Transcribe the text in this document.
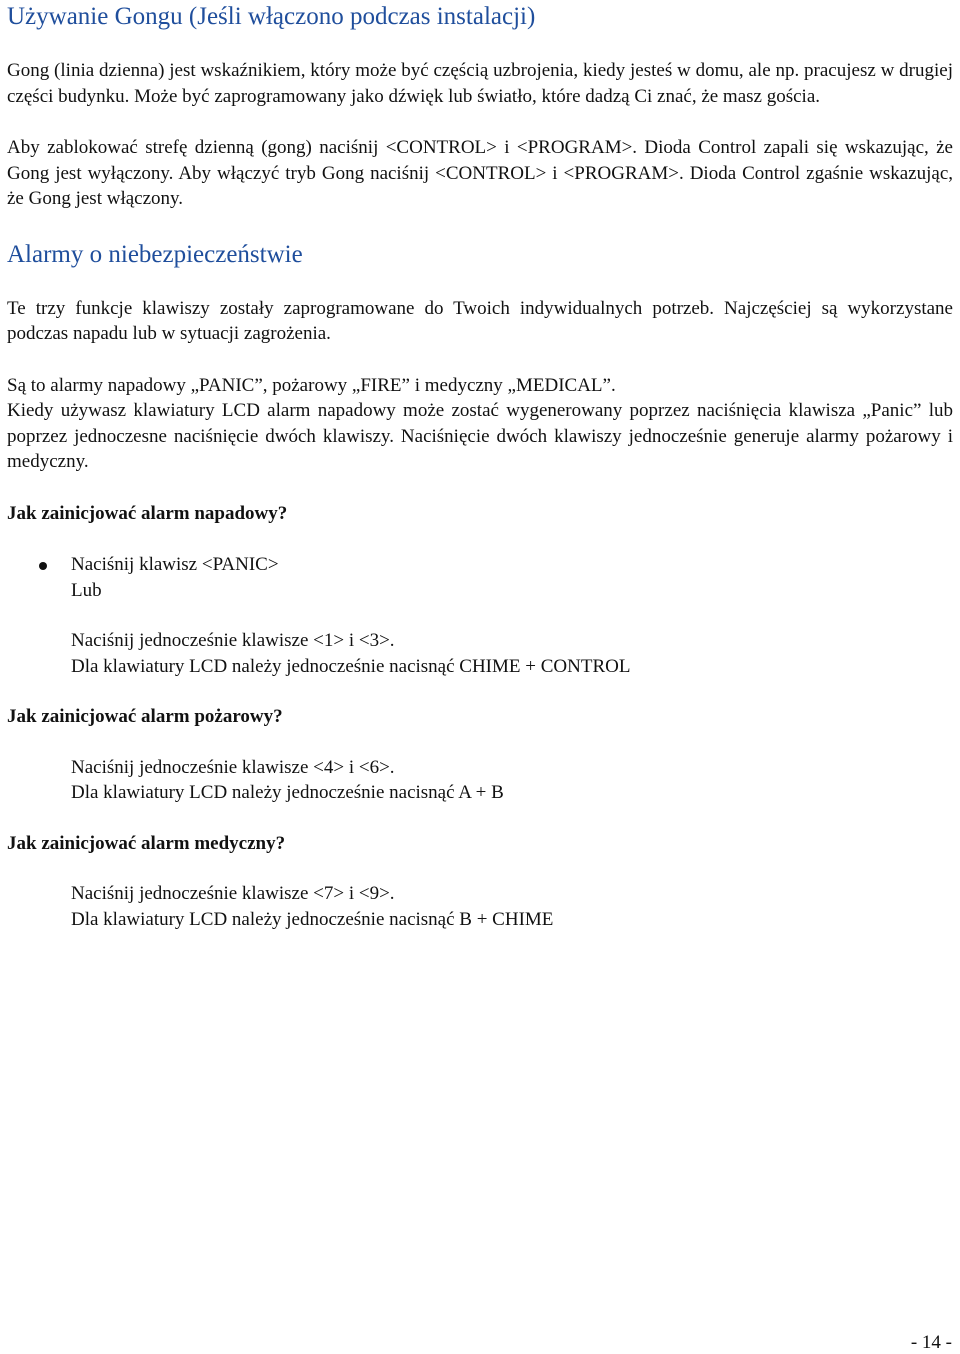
Używanie Gongu (Jeśli włączono podczas instalacji)

Gong (linia dzienna) jest wskaźnikiem, który może być częścią uzbrojenia, kiedy jesteś w domu, ale np. pracujesz w drugiej części budynku. Może być zaprogramowany jako dźwięk lub światło, które dadzą Ci znać, że masz gościa.

Aby zablokować strefę dzienną (gong) naciśnij <CONTROL> i <PROGRAM>. Dioda Control zapali się wskazując, że Gong jest wyłączony. Aby włączyć tryb Gong naciśnij <CONTROL> i <PROGRAM>. Dioda Control zgaśnie wskazując, że Gong jest włączony.

Alarmy o niebezpieczeństwie

Te trzy funkcje klawiszy zostały zaprogramowane do Twoich indywidualnych potrzeb. Najczęściej są wykorzystane podczas napadu lub w sytuacji zagrożenia.

Są to alarmy napadowy „PANIC”, pożarowy „FIRE” i medyczny „MEDICAL”.

Kiedy używasz klawiatury LCD alarm napadowy może zostać wygenerowany poprzez naciśnięcia klawisza „Panic” lub poprzez jednoczesne naciśnięcie dwóch klawiszy. Naciśnięcie dwóch klawiszy jednocześnie generuje alarmy pożarowy i medyczny.

Jak zainicjować alarm napadowy?

Naciśnij klawisz <PANIC>

Lub

Naciśnij jednocześnie klawisze <1> i <3>.

Dla klawiatury LCD należy jednocześnie nacisnąć CHIME + CONTROL

Jak zainicjować alarm pożarowy?

Naciśnij jednocześnie klawisze <4> i <6>.

Dla klawiatury LCD należy jednocześnie nacisnąć A + B

Jak zainicjować alarm medyczny?

Naciśnij jednocześnie klawisze <7> i <9>.

Dla klawiatury LCD należy jednocześnie nacisnąć B + CHIME

- 14 -
